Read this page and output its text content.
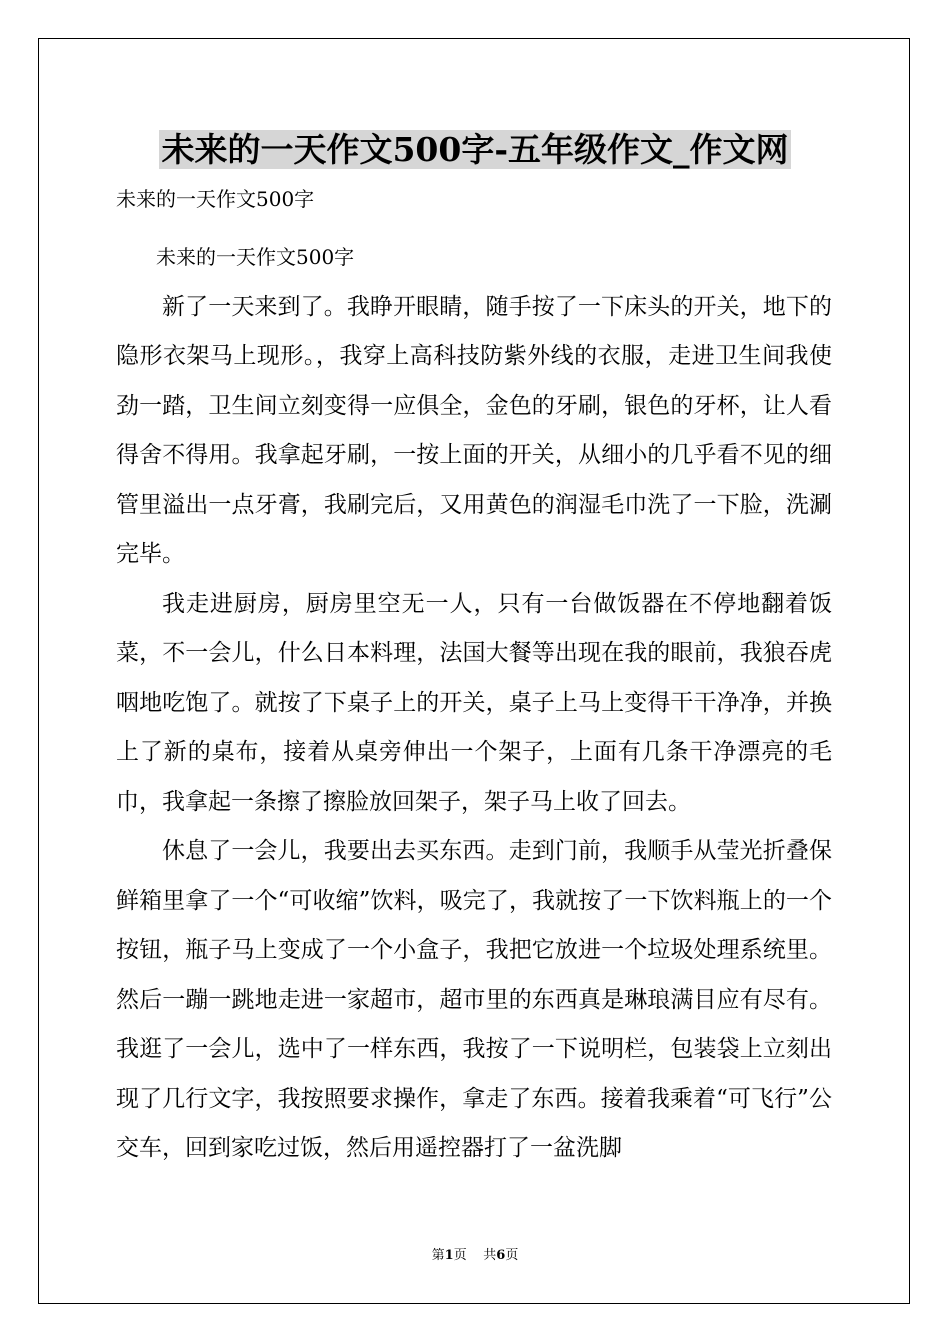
未来的一天作文500字-五年级作文_作文网
未来的一天作文500字

未来的一天作文500字

新了一天来到了。我睁开眼睛，随手按了一下床头的开关，地下的隐形衣架马上现形。，我穿上高科技防紫外线的衣服，走进卫生间我使劲一踏，卫生间立刻变得一应俱全，金色的牙刷，银色的牙杯，让人看得舍不得用。我拿起牙刷，一按上面的开关，从细小的几乎看不见的细管里溢出一点牙膏，我刷完后，又用黄色的润湿毛巾洗了一下脸，洗涮完毕。

我走进厨房，厨房里空无一人，只有一台做饭器在不停地翻着饭菜，不一会儿，什么日本料理，法国大餐等出现在我的眼前，我狼吞虎咽地吃饱了。就按了下桌子上的开关，桌子上马上变得干干净净，并换上了新的桌布，接着从桌旁伸出一个架子，上面有几条干净漂亮的毛巾，我拿起一条擦了擦脸放回架子，架子马上收了回去。

休息了一会儿，我要出去买东西。走到门前，我顺手从莹光折叠保鲜箱里拿了一个“可收缩”饮料，吸完了，我就按了一下饮料瓶上的一个按钮，瓶子马上变成了一个小盒子，我把它放进一个垃圾处理系统里。然后一蹦一跳地走进一家超市，超市里的东西真是琳琅满目应有尽有。我逛了一会儿，选中了一样东西，我按了一下说明栏，包装袋上立刻出现了几行文字，我按照要求操作，拿走了东西。接着我乘着“可飞行”公交车，回到家吃过饭，然后用遥控器打了一盆洗脚

第1页 共6页
